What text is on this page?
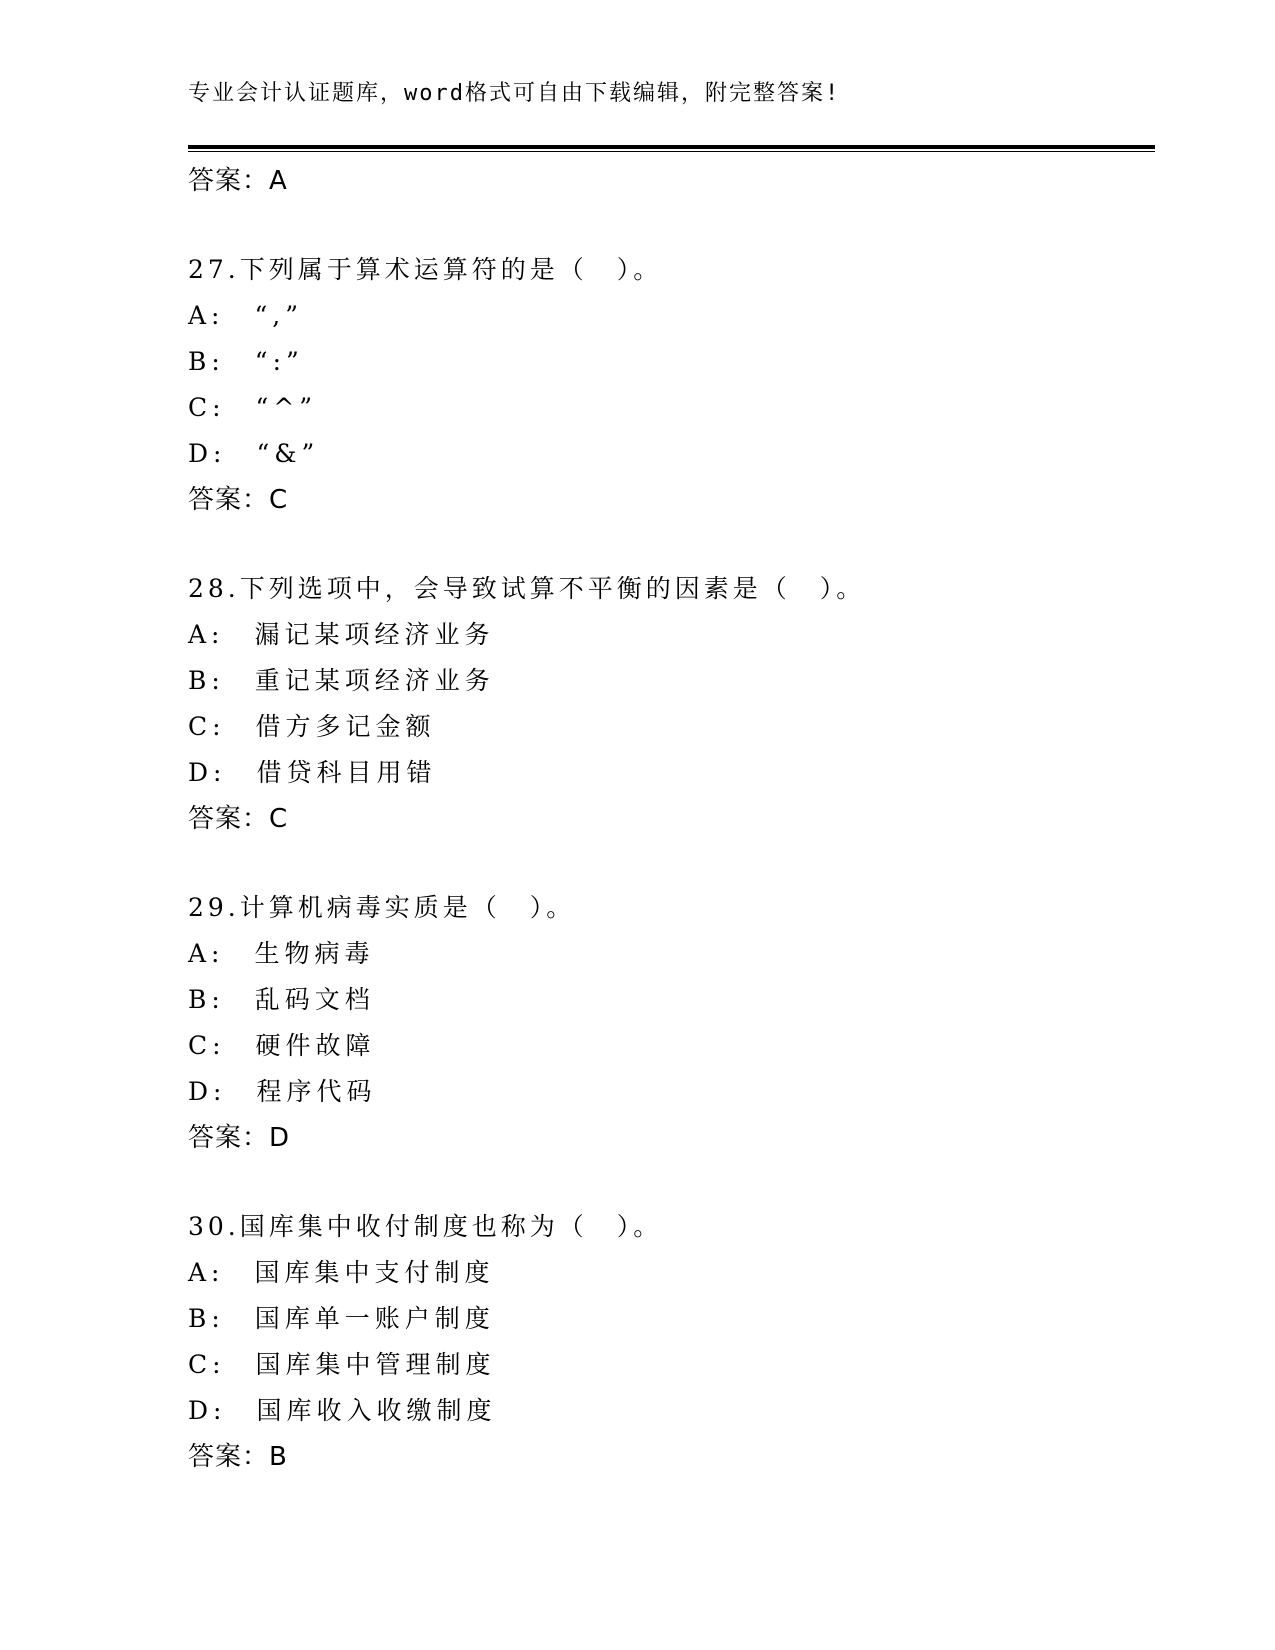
专业会计认证题库，word格式可自由下载编辑，附完整答案!
答案：A
27.下列属于算术运算符的是（　）。
A:　“,”
B:　“:”
C:　“^”
D:　“&”
答案：C
28.下列选项中，会导致试算不平衡的因素是（　）。
A:　漏记某项经济业务
B:　重记某项经济业务
C:　借方多记金额
D:　借贷科目用错
答案：C
29.计算机病毒实质是（　）。
A:　生物病毒
B:　乱码文档
C:　硬件故障
D:　程序代码
答案：D
30.国库集中收付制度也称为（　）。
A:　国库集中支付制度
B:　国库单一账户制度
C:　国库集中管理制度
D:　国库收入收缴制度
答案：B
